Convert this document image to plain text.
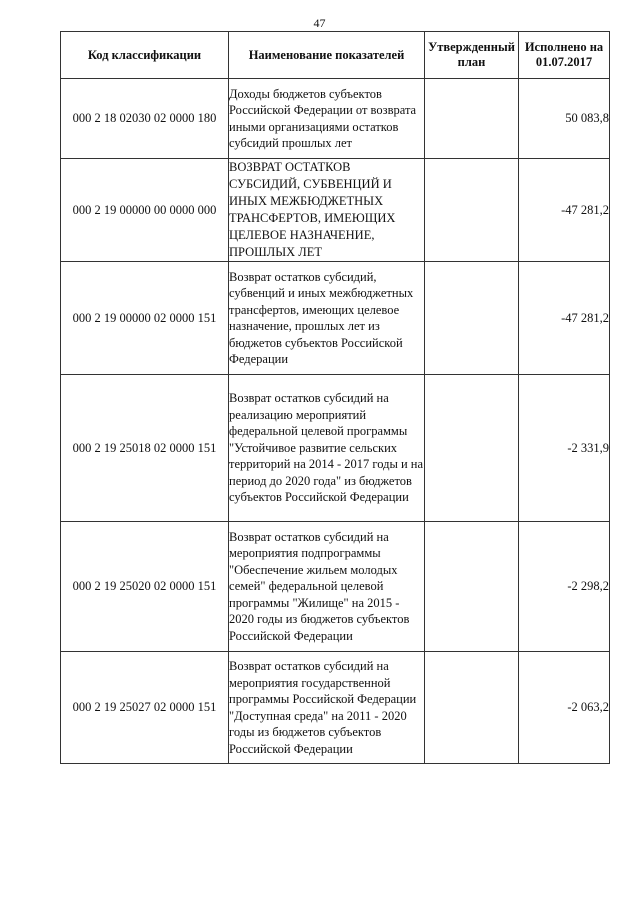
47
Код классификации	Наименование показателей	Утвержденный план	Исполнено на 01.07.2017
000 2 18 02030 02 0000 180	Доходы бюджетов субъектов Российской Федерации от возврата иными организациями остатков субсидий прошлых лет		50 083,8
000 2 19 00000 00 0000 000	ВОЗВРАТ ОСТАТКОВ СУБСИДИЙ, СУБВЕНЦИЙ И ИНЫХ МЕЖБЮДЖЕТНЫХ ТРАНСФЕРТОВ, ИМЕЮЩИХ ЦЕЛЕВОЕ НАЗНАЧЕНИЕ, ПРОШЛЫХ ЛЕТ		-47 281,2
000 2 19 00000 02 0000 151	Возврат остатков субсидий, субвенций и иных межбюджетных трансфертов, имеющих целевое назначение, прошлых лет из бюджетов субъектов Российской Федерации		-47 281,2
000 2 19 25018 02 0000 151	Возврат остатков субсидий на реализацию мероприятий федеральной целевой программы "Устойчивое развитие сельских территорий на 2014 - 2017 годы и на период до 2020 года" из бюджетов субъектов Российской Федерации		-2 331,9
000 2 19 25020 02 0000 151	Возврат остатков субсидий на мероприятия подпрограммы "Обеспечение жильем молодых семей" федеральной целевой программы "Жилище" на 2015 - 2020 годы из бюджетов субъектов Российской Федерации		-2 298,2
000 2 19 25027 02 0000 151	Возврат остатков субсидий на мероприятия государственной программы Российской Федерации "Доступная среда" на 2011 - 2020 годы из бюджетов субъектов Российской Федерации		-2 063,2
